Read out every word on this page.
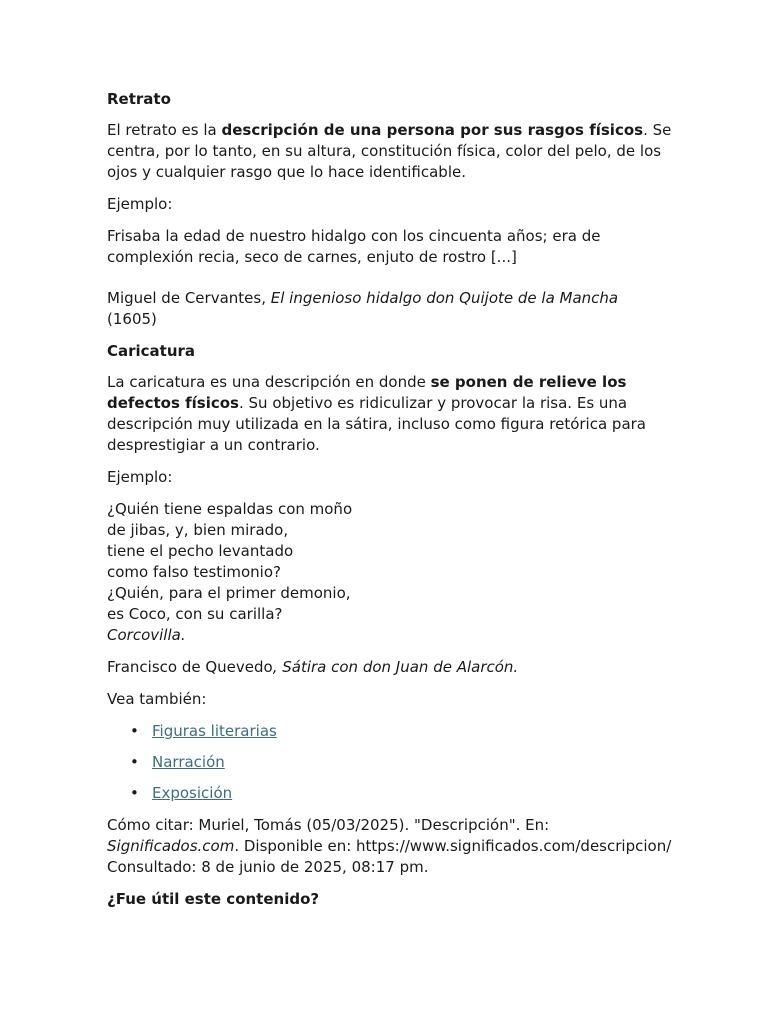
Retrato

El retrato es la descripción de una persona por sus rasgos físicos. Se centra, por lo tanto, en su altura, constitución física, color del pelo, de los ojos y cualquier rasgo que lo hace identificable.

Ejemplo:

Frisaba la edad de nuestro hidalgo con los cincuenta años; era de complexión recia, seco de carnes, enjuto de rostro [...]

Miguel de Cervantes, El ingenioso hidalgo don Quijote de la Mancha (1605)

Caricatura

La caricatura es una descripción en donde se ponen de relieve los defectos físicos. Su objetivo es ridiculizar y provocar la risa. Es una descripción muy utilizada en la sátira, incluso como figura retórica para desprestigiar a un contrario.

Ejemplo:

¿Quién tiene espaldas con moño
de jibas, y, bien mirado,
tiene el pecho levantado
como falso testimonio?
¿Quién, para el primer demonio,
es Coco, con su carilla?
Corcovilla.

Francisco de Quevedo, Sátira con don Juan de Alarcón.

Vea también:

• Figuras literarias
• Narración
• Exposición

Cómo citar: Muriel, Tomás (05/03/2025). "Descripción". En: Significados.com. Disponible en: https://www.significados.com/descripcion/ Consultado: 8 de junio de 2025, 08:17 pm.

¿Fue útil este contenido?
